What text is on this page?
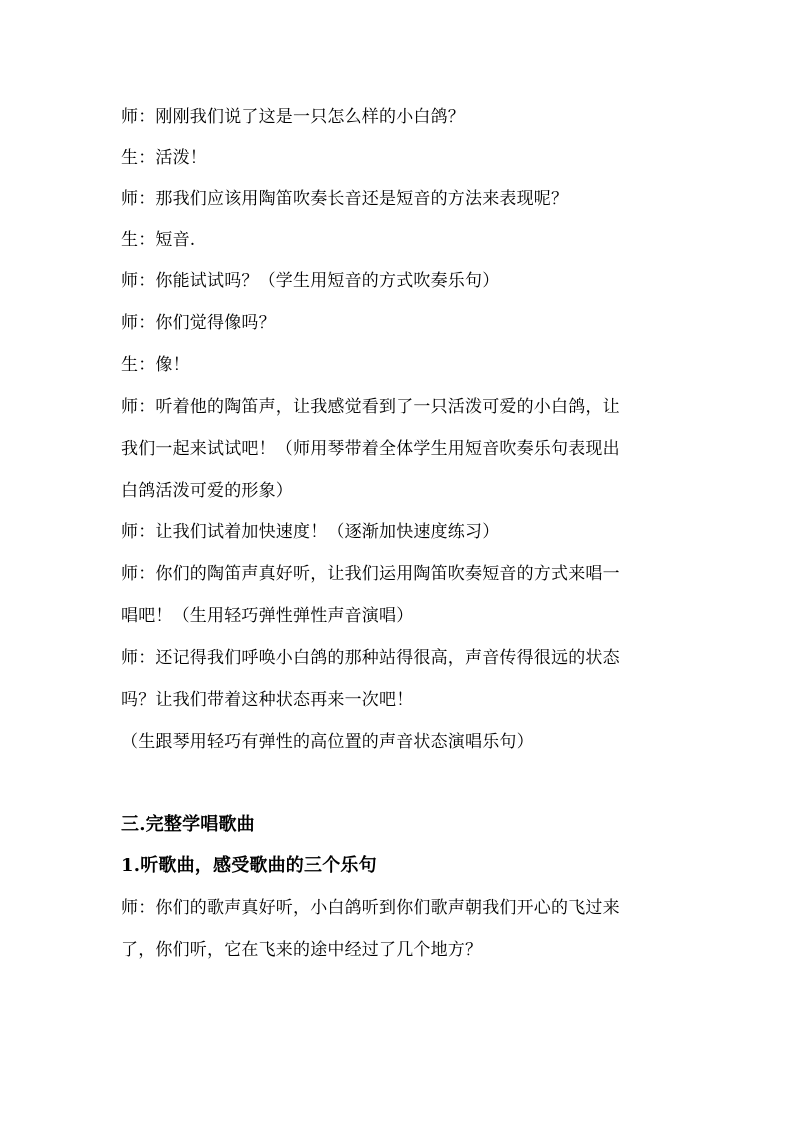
师：刚刚我们说了这是一只怎么样的小白鸽？
生：活泼！
师：那我们应该用陶笛吹奏长音还是短音的方法来表现呢？
生：短音.
师：你能试试吗？（学生用短音的方式吹奏乐句）
师：你们觉得像吗？
生：像！
师：听着他的陶笛声，让我感觉看到了一只活泼可爱的小白鸽，让
我们一起来试试吧！（师用琴带着全体学生用短音吹奏乐句表现出
白鸽活泼可爱的形象）
师：让我们试着加快速度！（逐渐加快速度练习）
师：你们的陶笛声真好听，让我们运用陶笛吹奏短音的方式来唱一
唱吧！（生用轻巧弹性弹性声音演唱）
师：还记得我们呼唤小白鸽的那种站得很高，声音传得很远的状态
吗？让我们带着这种状态再来一次吧！
（生跟琴用轻巧有弹性的高位置的声音状态演唱乐句）
三.完整学唱歌曲
1.听歌曲，感受歌曲的三个乐句
师：你们的歌声真好听，小白鸽听到你们歌声朝我们开心的飞过来
了，你们听，它在飞来的途中经过了几个地方？
